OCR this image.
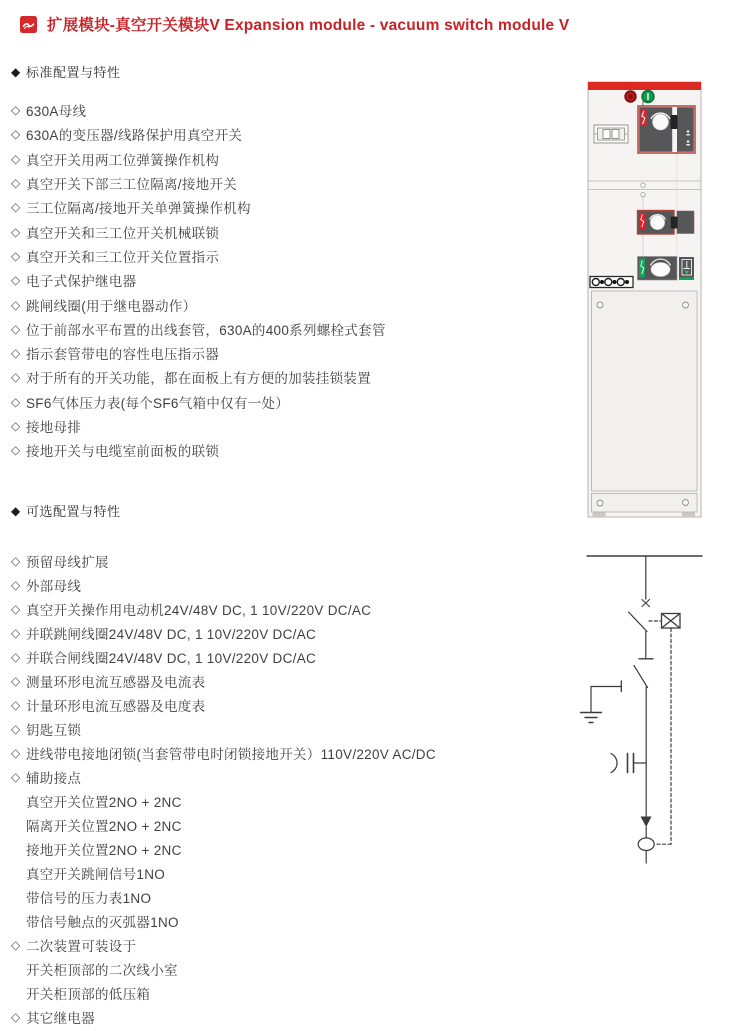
扩展模块-真空开关模块V Expansion module - vacuum switch module V
◆ 标准配置与特性
◇ 630A母线
◇ 630A的变压器/线路保护用真空开关
◇ 真空开关用两工位弹簧操作机构
◇ 真空开关下部三工位隔离/接地开关
◇ 三工位隔离/接地开关单弹簧操作机构
◇ 真空开关和三工位开关机械联锁
◇ 真空开关和三工位开关位置指示
◇ 电子式保护继电器
◇ 跳闸线圈(用于继电器动作）
◇ 位于前部水平布置的出线套管，630A的400系列螺栓式套管
◇ 指示套管带电的容性电压指示器
◇ 对于所有的开关功能，都在面板上有方便的加装挂锁装置
◇ SF6气体压力表(每个SF6气箱中仅有一处）
◇ 接地母排
◇ 接地开关与电缆室前面板的联锁
◆ 可选配置与特性
◇ 预留母线扩展
◇ 外部母线
◇ 真空开关操作用电动机24V/48V DC, 1 10V/220V DC/AC
◇ 并联跳闸线圈24V/48V DC, 1 10V/220V DC/AC
◇ 并联合闸线圈24V/48V DC, 1 10V/220V DC/AC
◇ 测量环形电流互感器及电流表
◇ 计量环形电流互感器及电度表
◇ 钥匙互锁
◇ 进线带电接地闭锁(当套管带电时闭锁接地开关）110V/220V AC/DC
◇ 辅助接点
真空开关位置2NO + 2NC
隔离开关位置2NO + 2NC
接地开关位置2NO + 2NC
真空开关跳闸信号1NO
带信号的压力表1NO
带信号触点的灭弧器1NO
◇ 二次装置可装设于
开关柜顶部的二次线小室
开关柜顶部的低压箱
◇ 其它继电器
